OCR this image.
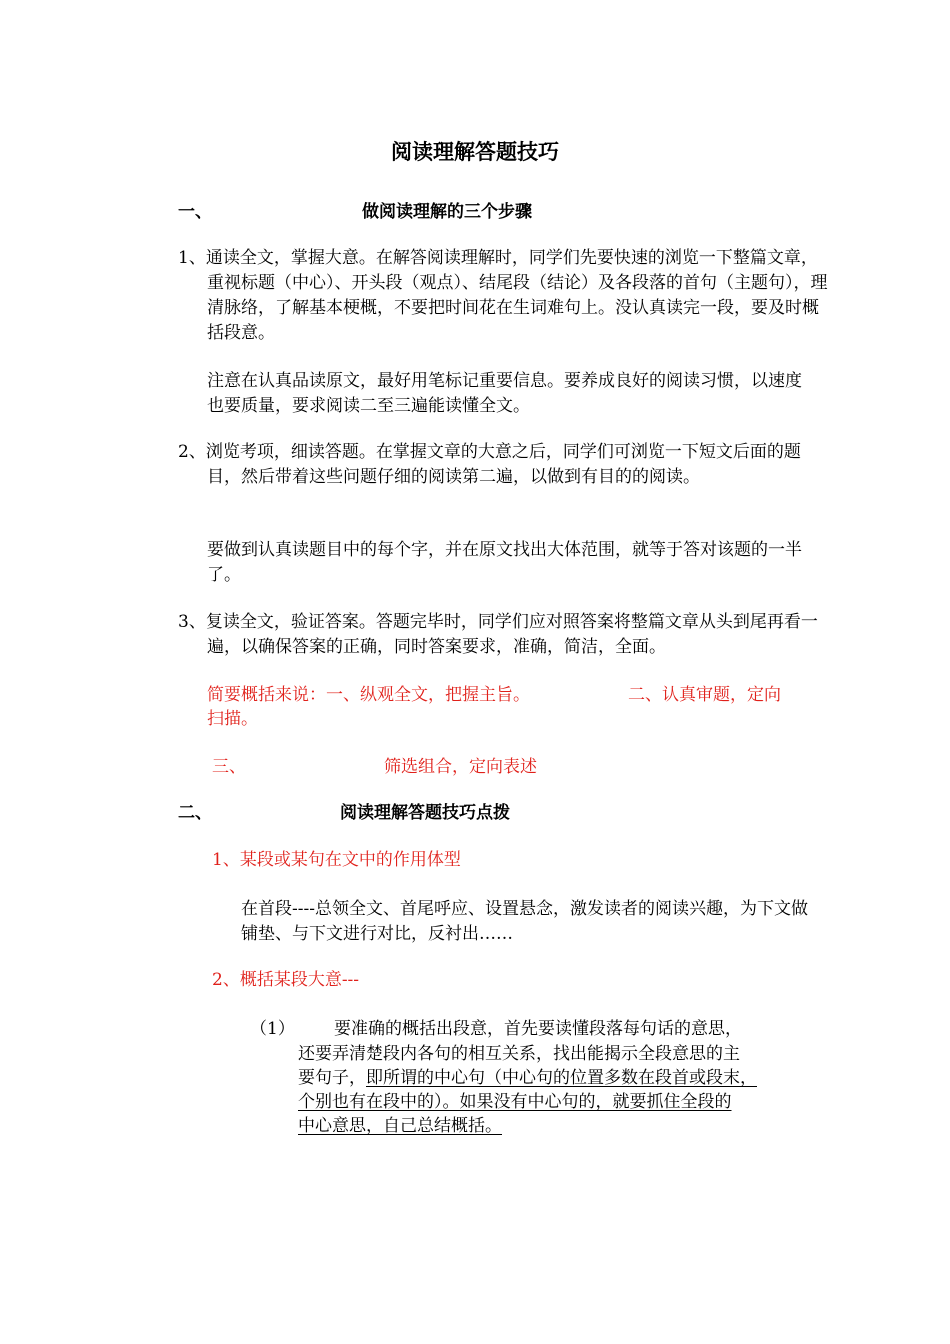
阅读理解答题技巧
一、	做阅读理解的三个步骤

1、通读全文，掌握大意。在解答阅读理解时，同学们先要快速的浏览一下整篇文章，重视标题（中心）、开头段（观点）、结尾段（结论）及各段落的首句（主题句），理清脉络，了解基本梗概，不要把时间花在生词难句上。没认真读完一段，要及时概括段意。

注意在认真品读原文，最好用笔标记重要信息。要养成良好的阅读习惯，以速度也要质量，要求阅读二至三遍能读懂全文。

2、浏览考项，细读答题。在掌握文章的大意之后，同学们可浏览一下短文后面的题目，然后带着这些问题仔细的阅读第二遍，以做到有目的的阅读。

要做到认真读题目中的每个字，并在原文找出大体范围，就等于答对该题的一半了。

3、复读全文，验证答案。答题完毕时，同学们应对照答案将整篇文章从头到尾再看一遍，以确保答案的正确，同时答案要求，准确，简洁，全面。

简要概括来说：一、纵观全文，把握主旨。	二、认真审题，定向
扫描。
三、	筛选组合，定向表述
二、	阅读理解答题技巧点拨
1、某段或某句在文中的作用体型

在首段----总领全文、首尾呼应、设置悬念，激发读者的阅读兴趣，为下文做铺垫、与下文进行对比，反衬出……

2、概括某段大意---
（1） 要准确的概括出段意，首先要读懂段落每句话的意思，
还要弄清楚段内各句的相互关系，找出能揭示全段意思的主
要句子，即所谓的中心句（中心句的位置多数在段首或段末，
个别也有在段中的）。如果没有中心句的，就要抓住全段的
中心意思，自己总结概括。
